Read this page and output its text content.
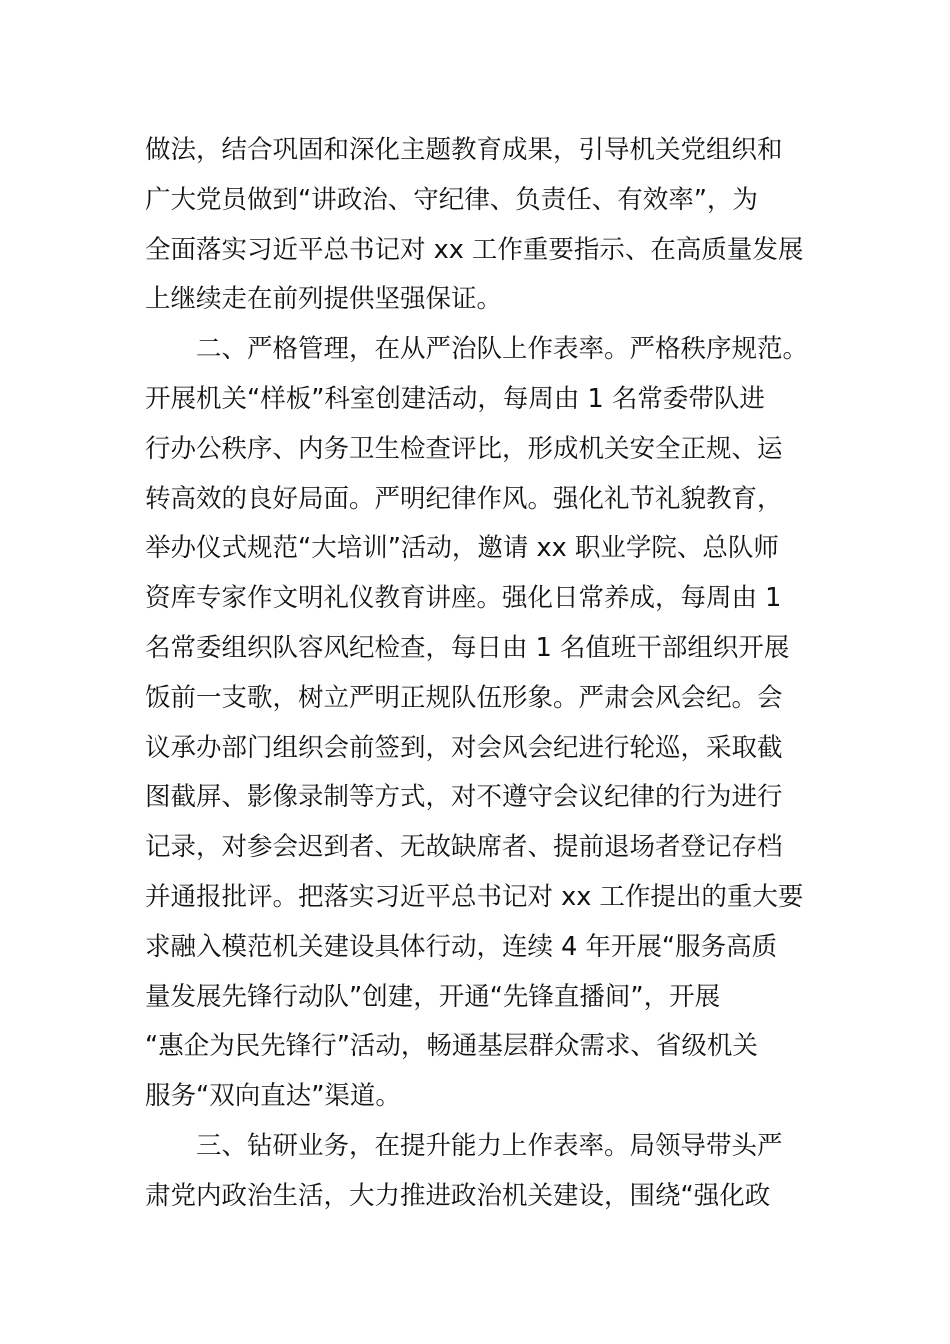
做法，结合巩固和深化主题教育成果，引导机关党组织和
广大党员做到“讲政治、守纪律、负责任、有效率”，为
全面落实习近平总书记对 xx 工作重要指示、在高质量发展
上继续走在前列提供坚强保证。
二、严格管理，在从严治队上作表率。严格秩序规范。
开展机关“样板”科室创建活动，每周由 1 名常委带队进
行办公秩序、内务卫生检查评比，形成机关安全正规、运
转高效的良好局面。严明纪律作风。强化礼节礼貌教育，
举办仪式规范“大培训”活动，邀请 xx 职业学院、总队师
资库专家作文明礼仪教育讲座。强化日常养成，每周由 1
名常委组织队容风纪检查，每日由 1 名值班干部组织开展
饭前一支歌，树立严明正规队伍形象。严肃会风会纪。会
议承办部门组织会前签到，对会风会纪进行轮巡，采取截
图截屏、影像录制等方式，对不遵守会议纪律的行为进行
记录，对参会迟到者、无故缺席者、提前退场者登记存档
并通报批评。把落实习近平总书记对 xx 工作提出的重大要
求融入模范机关建设具体行动，连续 4 年开展“服务高质
量发展先锋行动队”创建，开通“先锋直播间”，开展
“惠企为民先锋行”活动，畅通基层群众需求、省级机关
服务“双向直达”渠道。
三、钻研业务，在提升能力上作表率。局领导带头严
肃党内政治生活，大力推进政治机关建设，围绕“强化政
